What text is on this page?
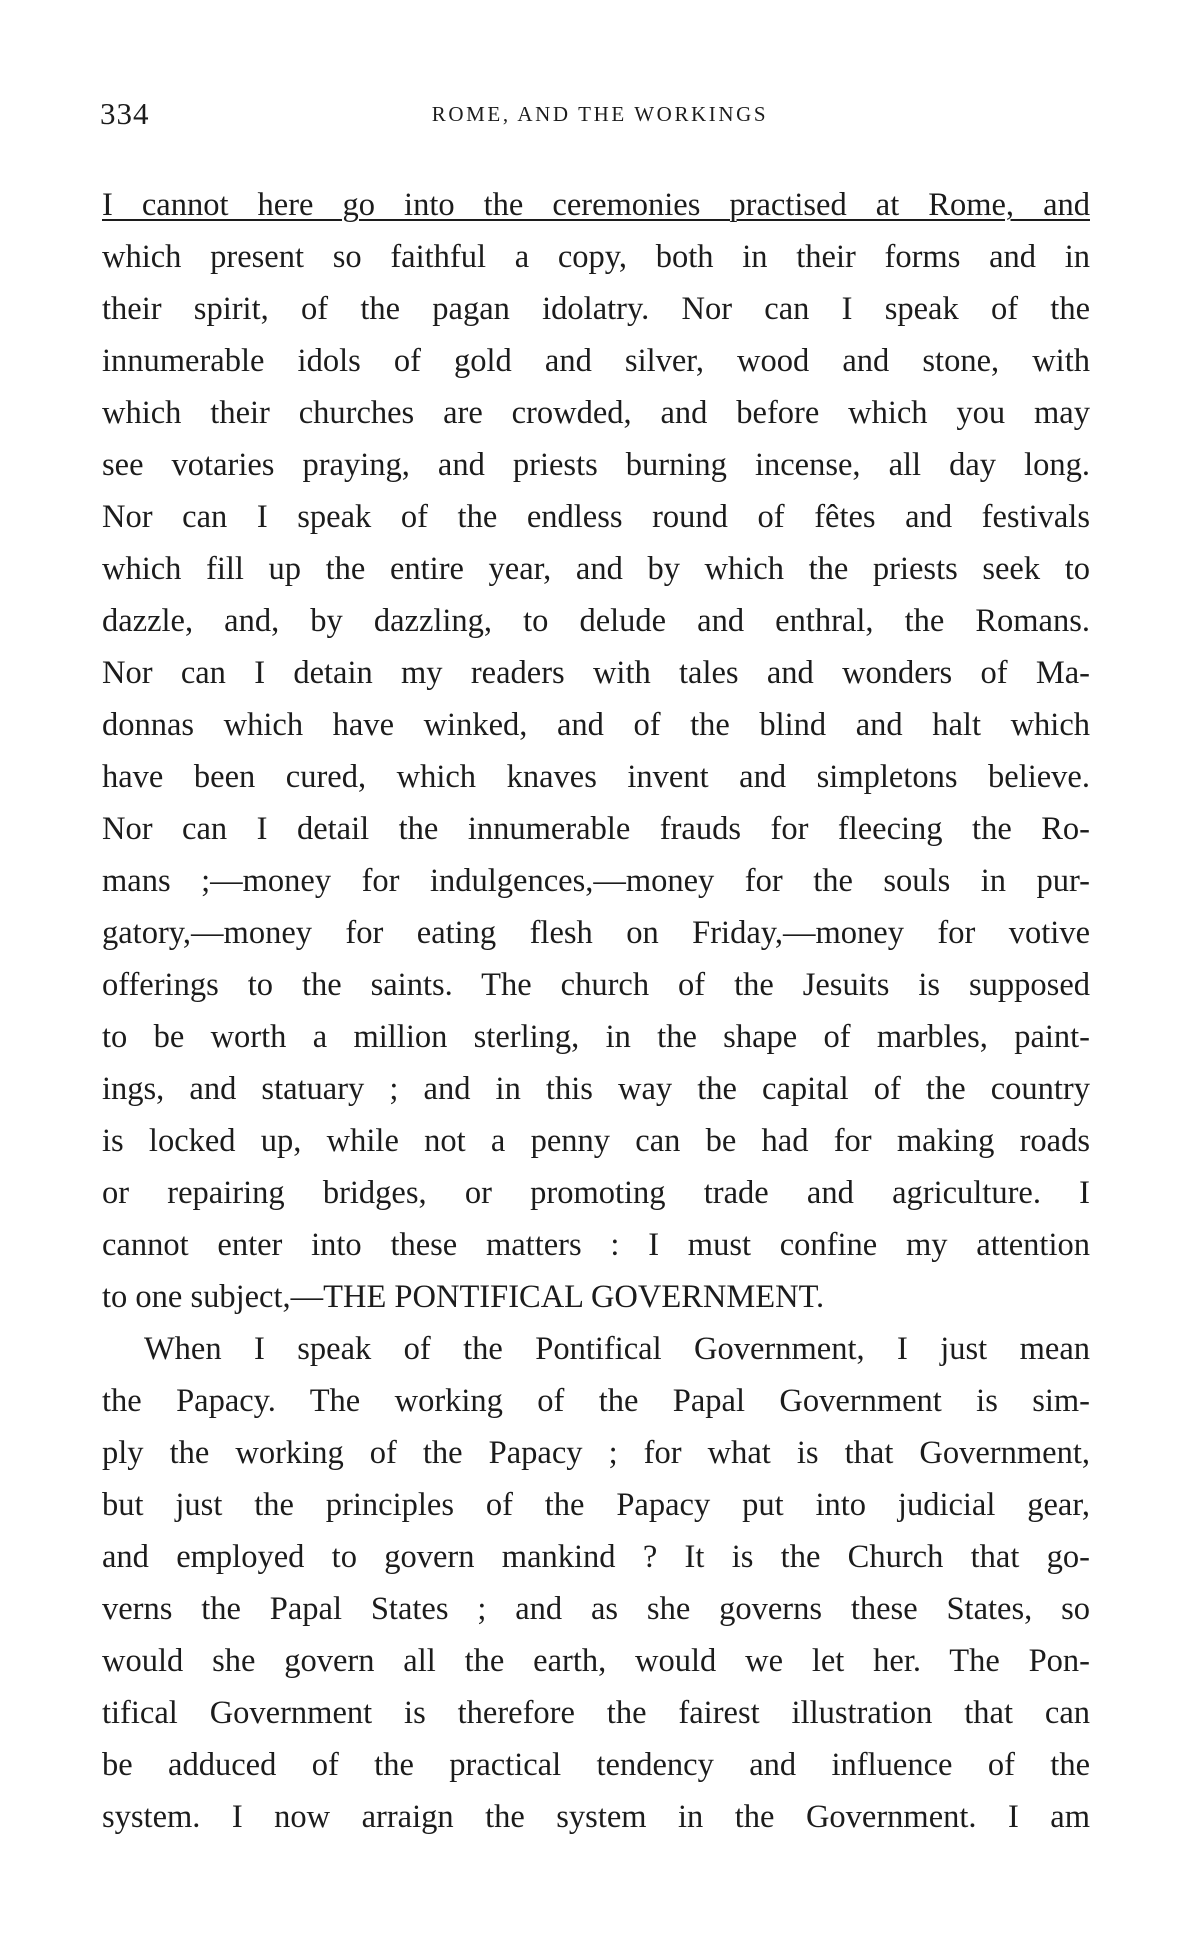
334	ROME, AND THE WORKINGS
I cannot here go into the ceremonies practised at Rome, and
which present so faithful a copy, both in their forms and in
their spirit, of the pagan idolatry. Nor can I speak of the
innumerable idols of gold and silver, wood and stone, with
which their churches are crowded, and before which you may
see votaries praying, and priests burning incense, all day long.
Nor can I speak of the endless round of fêtes and festivals
which fill up the entire year, and by which the priests seek to
dazzle, and, by dazzling, to delude and enthral, the Romans.
Nor can I detain my readers with tales and wonders of Ma-
donnas which have winked, and of the blind and halt which
have been cured, which knaves invent and simpletons believe.
Nor can I detail the innumerable frauds for fleecing the Ro-
mans ;—money for indulgences,—money for the souls in pur-
gatory,—money for eating flesh on Friday,—money for votive
offerings to the saints. The church of the Jesuits is supposed
to be worth a million sterling, in the shape of marbles, paint-
ings, and statuary ; and in this way the capital of the country
is locked up, while not a penny can be had for making roads
or repairing bridges, or promoting trade and agriculture. I
cannot enter into these matters : I must confine my attention
to one subject,—THE PONTIFICAL GOVERNMENT.
When I speak of the Pontifical Government, I just mean
the Papacy. The working of the Papal Government is sim-
ply the working of the Papacy ; for what is that Government,
but just the principles of the Papacy put into judicial gear,
and employed to govern mankind ? It is the Church that go-
verns the Papal States ; and as she governs these States, so
would she govern all the earth, would we let her. The Pon-
tifical Government is therefore the fairest illustration that can
be adduced of the practical tendency and influence of the
system. I now arraign the system in the Government. I am
